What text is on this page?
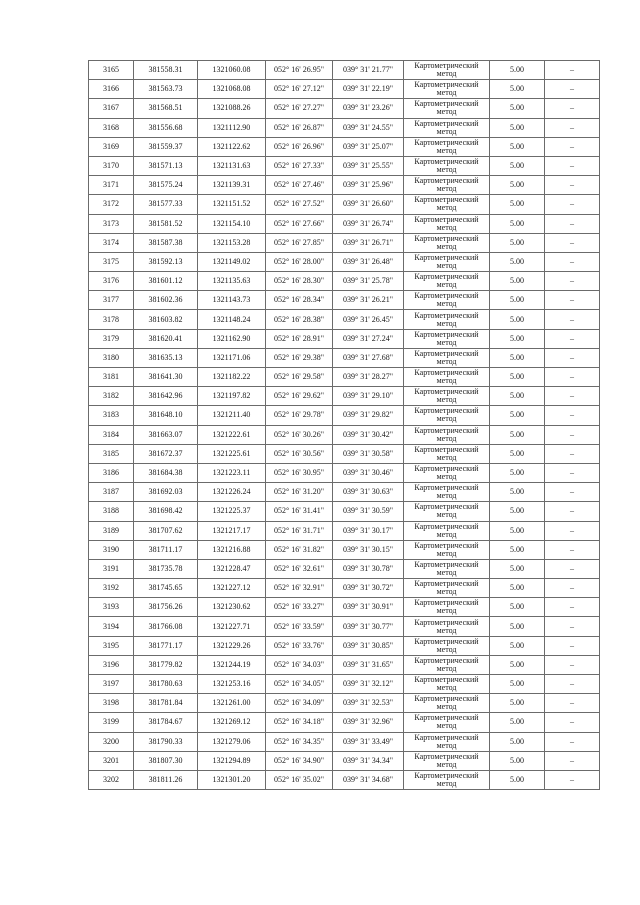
3165	381558.31	1321060.08	052° 16' 26.95"	039° 31' 21.77"	Картометрический метод	5.00	–
3166	381563.73	1321068.08	052° 16' 27.12"	039° 31' 22.19"	Картометрический метод	5.00	–
3167	381568.51	1321088.26	052° 16' 27.27"	039° 31' 23.26"	Картометрический метод	5.00	–
3168	381556.68	1321112.90	052° 16' 26.87"	039° 31' 24.55"	Картометрический метод	5.00	–
3169	381559.37	1321122.62	052° 16' 26.96"	039° 31' 25.07"	Картометрический метод	5.00	–
3170	381571.13	1321131.63	052° 16' 27.33"	039° 31' 25.55"	Картометрический метод	5.00	–
3171	381575.24	1321139.31	052° 16' 27.46"	039° 31' 25.96"	Картометрический метод	5.00	–
3172	381577.33	1321151.52	052° 16' 27.52"	039° 31' 26.60"	Картометрический метод	5.00	–
3173	381581.52	1321154.10	052° 16' 27.66"	039° 31' 26.74"	Картометрический метод	5.00	–
3174	381587.38	1321153.28	052° 16' 27.85"	039° 31' 26.71"	Картометрический метод	5.00	–
3175	381592.13	1321149.02	052° 16' 28.00"	039° 31' 26.48"	Картометрический метод	5.00	–
3176	381601.12	1321135.63	052° 16' 28.30"	039° 31' 25.78"	Картометрический метод	5.00	–
3177	381602.36	1321143.73	052° 16' 28.34"	039° 31' 26.21"	Картометрический метод	5.00	–
3178	381603.82	1321148.24	052° 16' 28.38"	039° 31' 26.45"	Картометрический метод	5.00	–
3179	381620.41	1321162.90	052° 16' 28.91"	039° 31' 27.24"	Картометрический метод	5.00	–
3180	381635.13	1321171.06	052° 16' 29.38"	039° 31' 27.68"	Картометрический метод	5.00	–
3181	381641.30	1321182.22	052° 16' 29.58"	039° 31' 28.27"	Картометрический метод	5.00	–
3182	381642.96	1321197.82	052° 16' 29.62"	039° 31' 29.10"	Картометрический метод	5.00	–
3183	381648.10	1321211.40	052° 16' 29.78"	039° 31' 29.82"	Картометрический метод	5.00	–
3184	381663.07	1321222.61	052° 16' 30.26"	039° 31' 30.42"	Картометрический метод	5.00	–
3185	381672.37	1321225.61	052° 16' 30.56"	039° 31' 30.58"	Картометрический метод	5.00	–
3186	381684.38	1321223.11	052° 16' 30.95"	039° 31' 30.46"	Картометрический метод	5.00	–
3187	381692.03	1321226.24	052° 16' 31.20"	039° 31' 30.63"	Картометрический метод	5.00	–
3188	381698.42	1321225.37	052° 16' 31.41"	039° 31' 30.59"	Картометрический метод	5.00	–
3189	381707.62	1321217.17	052° 16' 31.71"	039° 31' 30.17"	Картометрический метод	5.00	–
3190	381711.17	1321216.88	052° 16' 31.82"	039° 31' 30.15"	Картометрический метод	5.00	–
3191	381735.78	1321228.47	052° 16' 32.61"	039° 31' 30.78"	Картометрический метод	5.00	–
3192	381745.65	1321227.12	052° 16' 32.91"	039° 31' 30.72"	Картометрический метод	5.00	–
3193	381756.26	1321230.62	052° 16' 33.27"	039° 31' 30.91"	Картометрический метод	5.00	–
3194	381766.08	1321227.71	052° 16' 33.59"	039° 31' 30.77"	Картометрический метод	5.00	–
3195	381771.17	1321229.26	052° 16' 33.76"	039° 31' 30.85"	Картометрический метод	5.00	–
3196	381779.82	1321244.19	052° 16' 34.03"	039° 31' 31.65"	Картометрический метод	5.00	–
3197	381780.63	1321253.16	052° 16' 34.05"	039° 31' 32.12"	Картометрический метод	5.00	–
3198	381781.84	1321261.00	052° 16' 34.09"	039° 31' 32.53"	Картометрический метод	5.00	–
3199	381784.67	1321269.12	052° 16' 34.18"	039° 31' 32.96"	Картометрический метод	5.00	–
3200	381790.33	1321279.06	052° 16' 34.35"	039° 31' 33.49"	Картометрический метод	5.00	–
3201	381807.30	1321294.89	052° 16' 34.90"	039° 31' 34.34"	Картометрический метод	5.00	–
3202	381811.26	1321301.20	052° 16' 35.02"	039° 31' 34.68"	Картометрический метод	5.00	–
